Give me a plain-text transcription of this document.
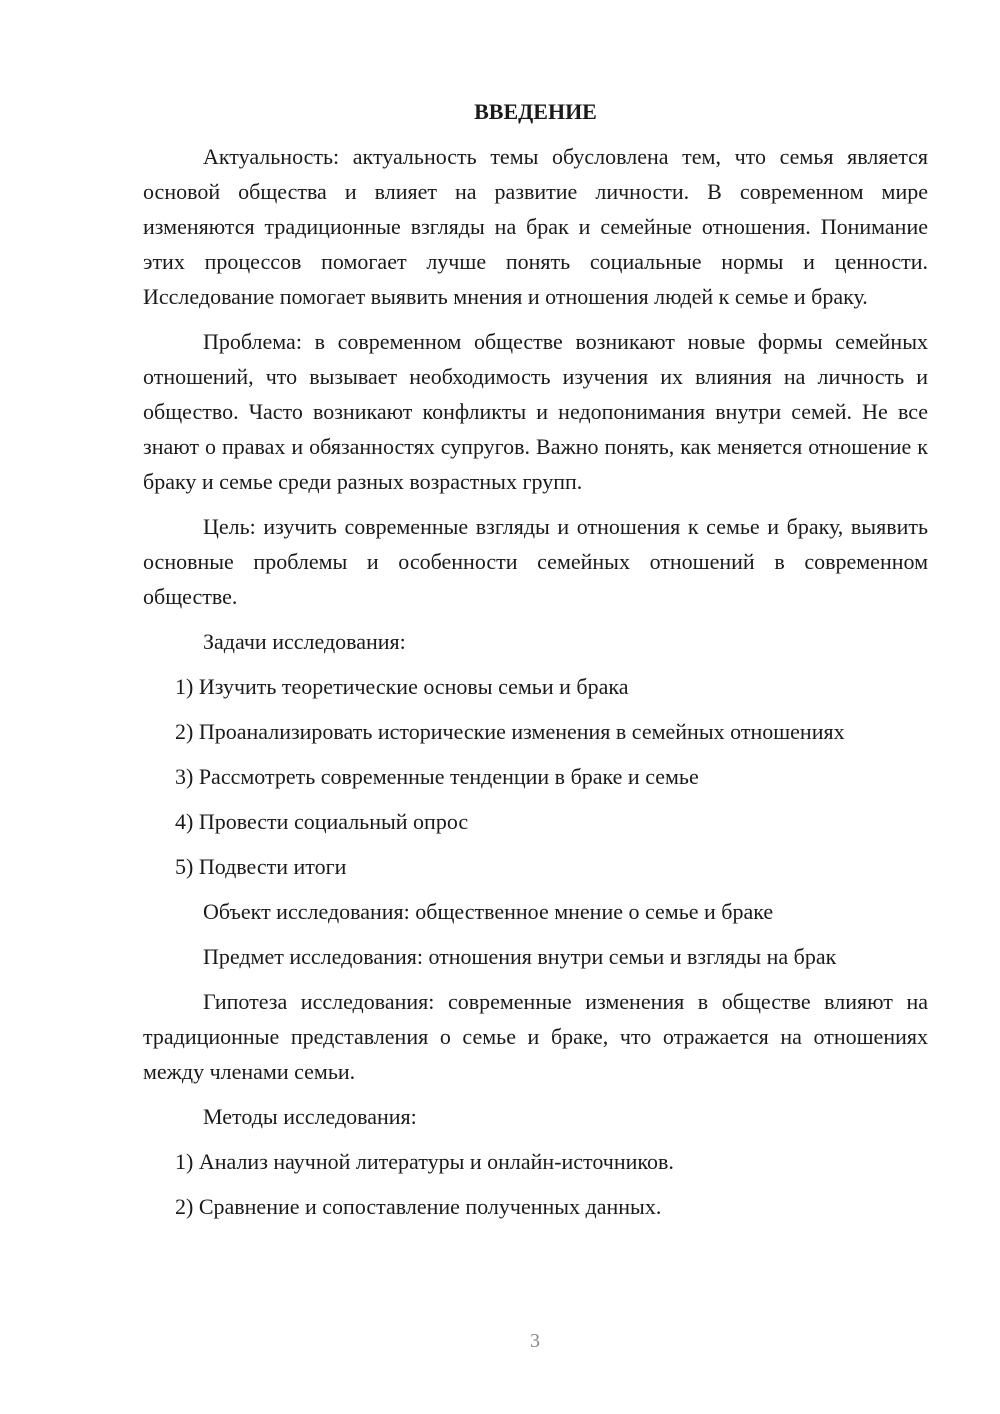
ВВЕДЕНИЕ
Актуальность: актуальность темы обусловлена тем, что семья является основой общества и влияет на развитие личности. В современном мире изменяются традиционные взгляды на брак и семейные отношения. Понимание этих процессов помогает лучше понять социальные нормы и ценности. Исследование помогает выявить мнения и отношения людей к семье и браку.
Проблема: в современном обществе возникают новые формы семейных отношений, что вызывает необходимость изучения их влияния на личность и общество. Часто возникают конфликты и недопонимания внутри семей. Не все знают о правах и обязанностях супругов. Важно понять, как меняется отношение к браку и семье среди разных возрастных групп.
Цель: изучить современные взгляды и отношения к семье и браку, выявить основные проблемы и особенности семейных отношений в современном обществе.
Задачи исследования:
1) Изучить теоретические основы семьи и брака
2) Проанализировать исторические изменения в семейных отношениях
3) Рассмотреть современные тенденции в браке и семье
4) Провести социальный опрос
5) Подвести итоги
Объект исследования: общественное мнение о семье и браке
Предмет исследования: отношения внутри семьи и взгляды на брак
Гипотеза исследования: современные изменения в обществе влияют на традиционные представления о семье и браке, что отражается на отношениях между членами семьи.
Методы исследования:
1) Анализ научной литературы и онлайн-источников.
2) Сравнение и сопоставление полученных данных.
3
